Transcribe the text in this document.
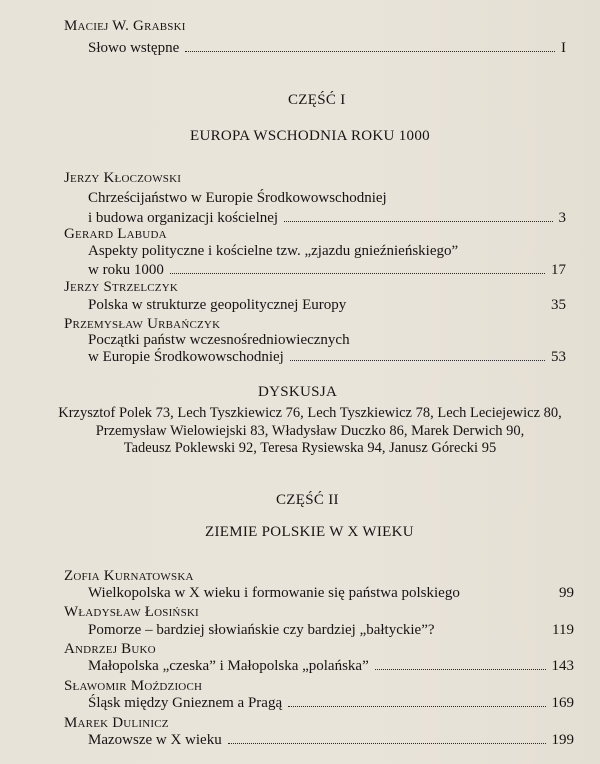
Maciej W. Grabski
Słowo wstępne	I
CZĘŚĆ I
EUROPA WSCHODNIA ROKU 1000
Jerzy Kłoczowski
Chrześcijaństwo w Europie Środkowowschodniej
i budowa organizacji kościelnej	3
Gerard Labuda
Aspekty polityczne i kościelne tzw. „zjazdu gnieźnieńskiego”
w roku 1000	17
Jerzy Strzelczyk
Polska w strukturze geopolitycznej Europy	35
Przemysław Urbańczyk
Początki państw wczesnośredniowiecznych
w Europie Środkowowschodniej	53
DYSKUSJA
Krzysztof Polek 73, Lech Tyszkiewicz 76, Lech Tyszkiewicz 78, Lech Leciejewicz 80,
Przemysław Wielowiejski 83, Władysław Duczko 86, Marek Derwich 90,
Tadeusz Poklewski 92, Teresa Rysiewska 94, Janusz Górecki 95
CZĘŚĆ II
ZIEMIE POLSKIE W X WIEKU
Zofia Kurnatowska
Wielkopolska w X wieku i formowanie się państwa polskiego	99
Władysław Łosiński
Pomorze – bardziej słowiańskie czy bardziej „bałtyckie”?	119
Andrzej Buko
Małopolska „czeska” i Małopolska „polańska”	143
Sławomir Moździoch
Śląsk między Gnieznem a Pragą	169
Marek Dulinicz
Mazowsze w X wieku	199
